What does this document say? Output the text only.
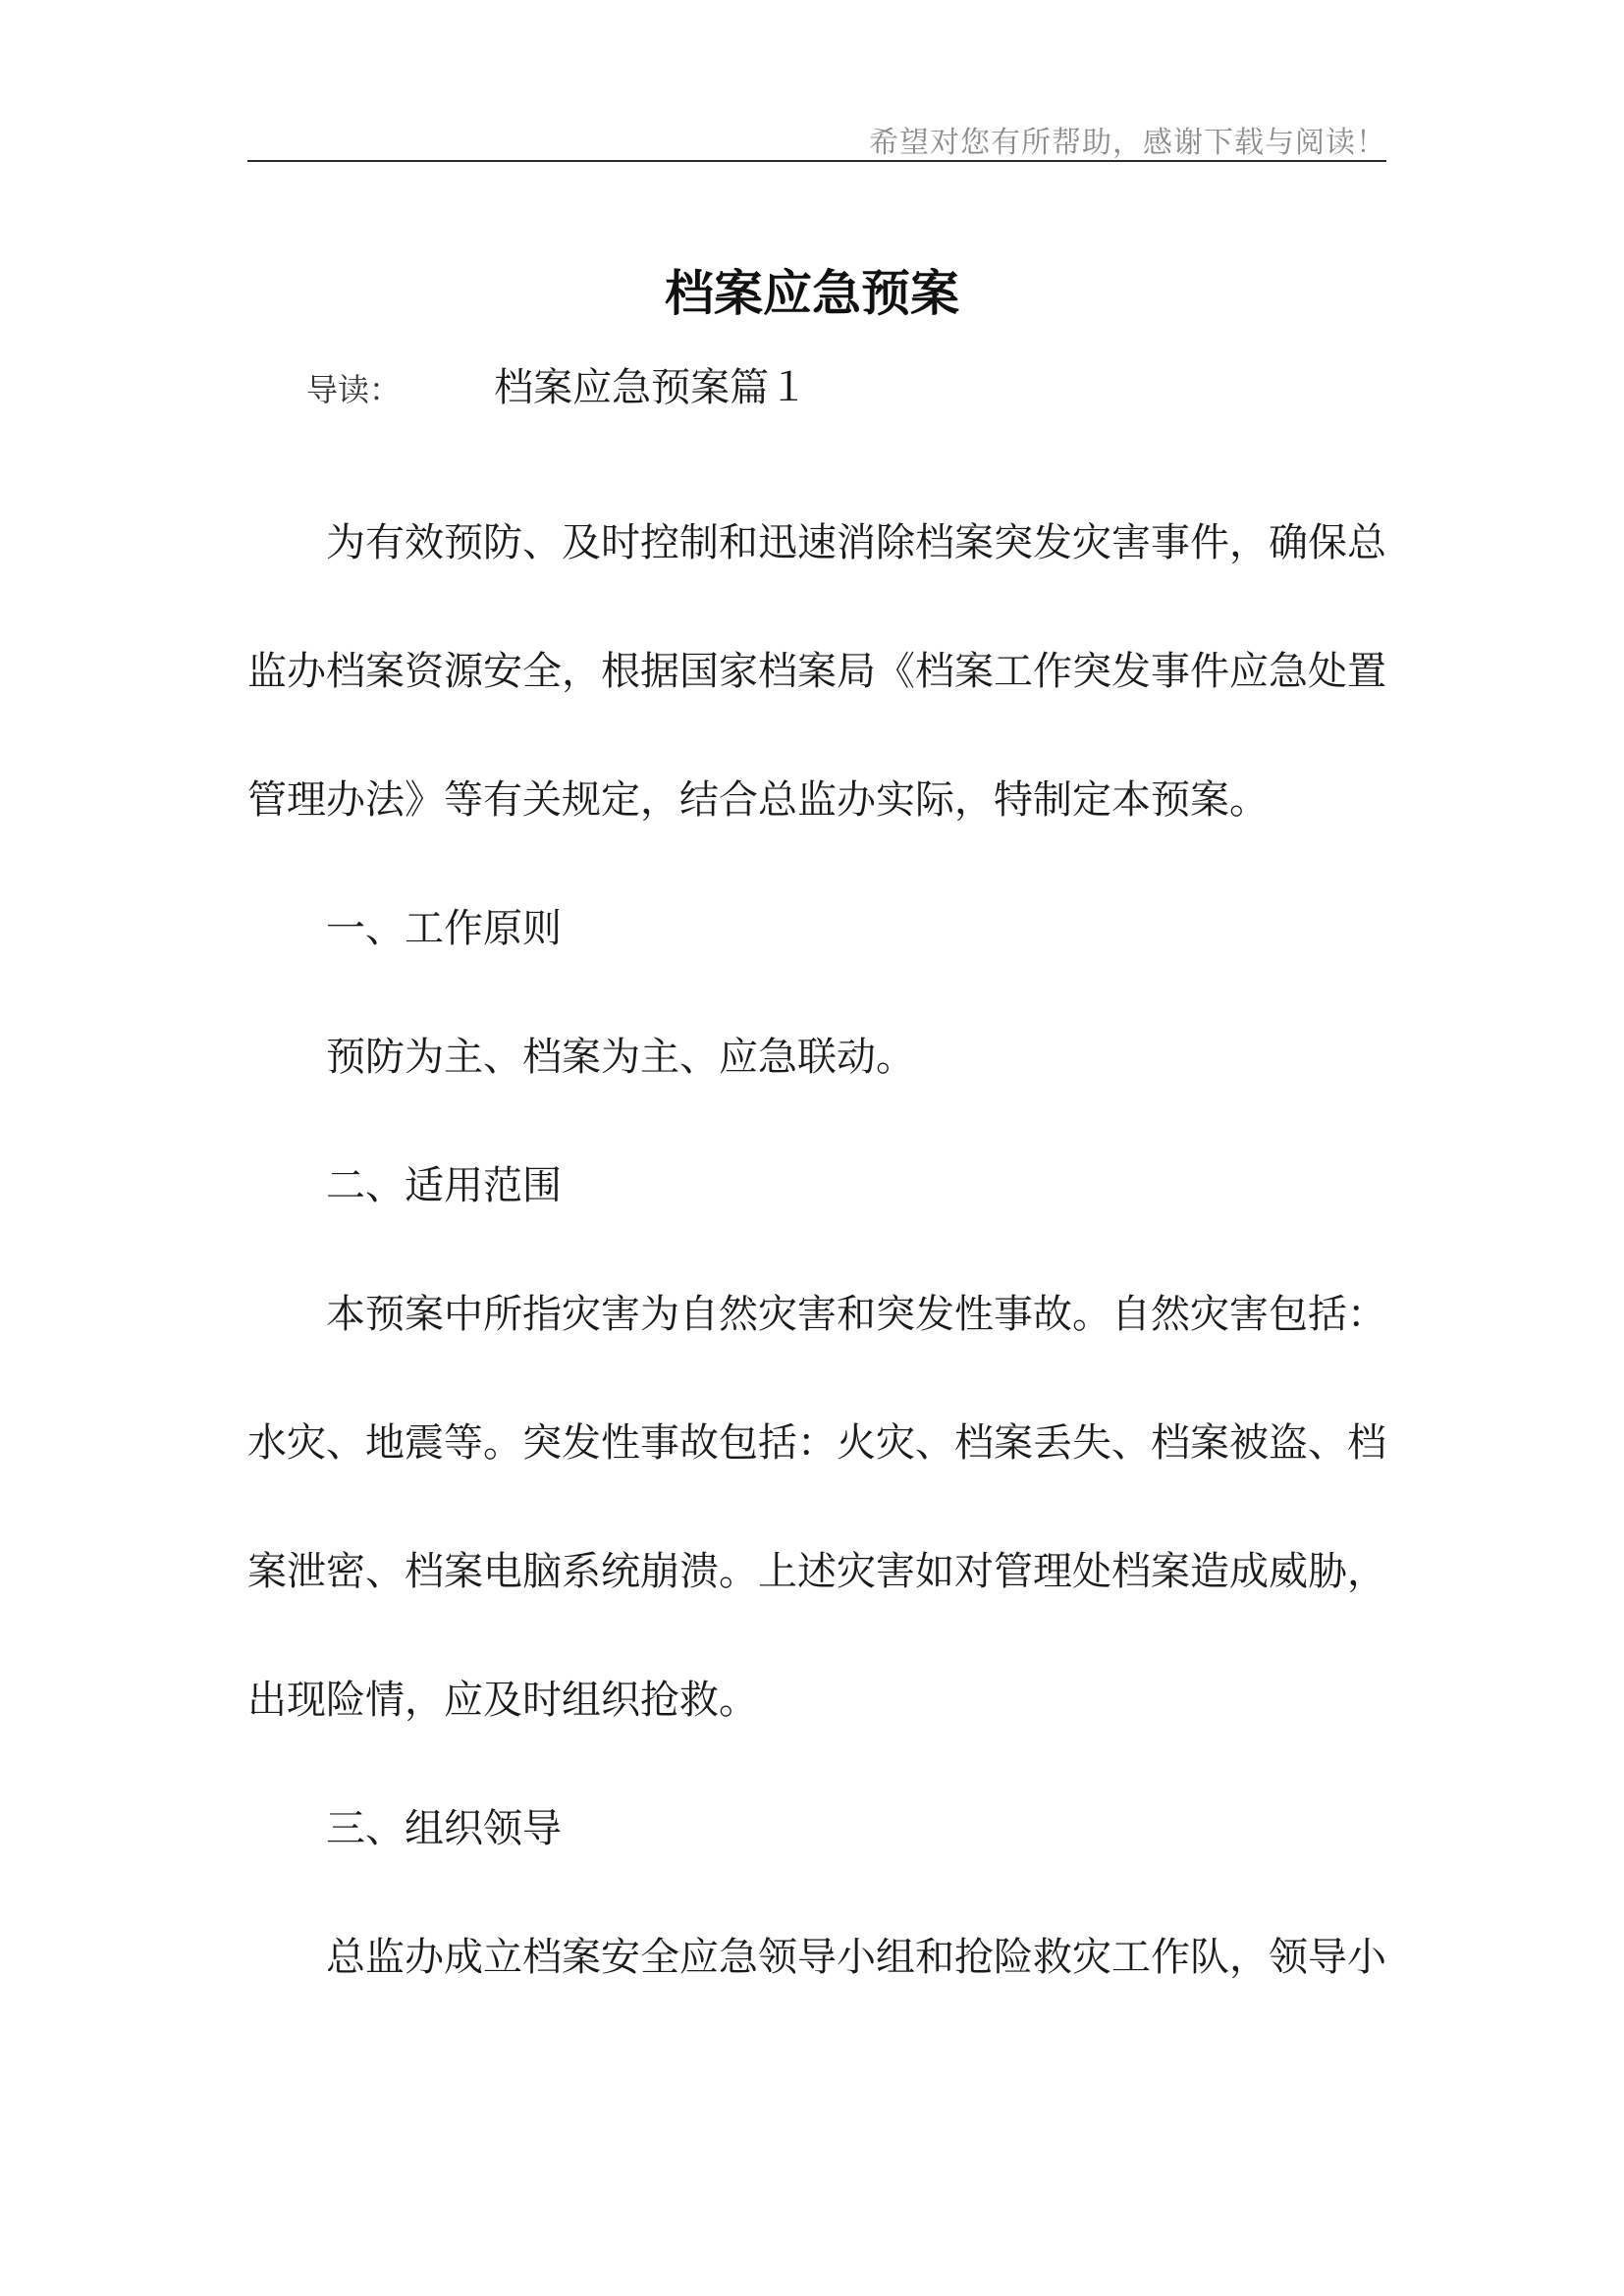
希望对您有所帮助，感谢下载与阅读！
档案应急预案
导读： 档案应急预案篇１

为有效预防、及时控制和迅速消除档案突发灾害事件，确保总监办档案资源安全，根据国家档案局《档案工作突发事件应急处置管理办法》等有关规定，结合总监办实际，特制定本预案。

一、工作原则

预防为主、档案为主、应急联动。

二、适用范围

本预案中所指灾害为自然灾害和突发性事故。自然灾害包括：水灾、地震等。突发性事故包括：火灾、档案丢失、档案被盗、档案泄密、档案电脑系统崩溃。上述灾害如对管理处档案造成威胁，出现险情，应及时组织抢救。

三、组织领导

总监办成立档案安全应急领导小组和抢险救灾工作队，领导小
